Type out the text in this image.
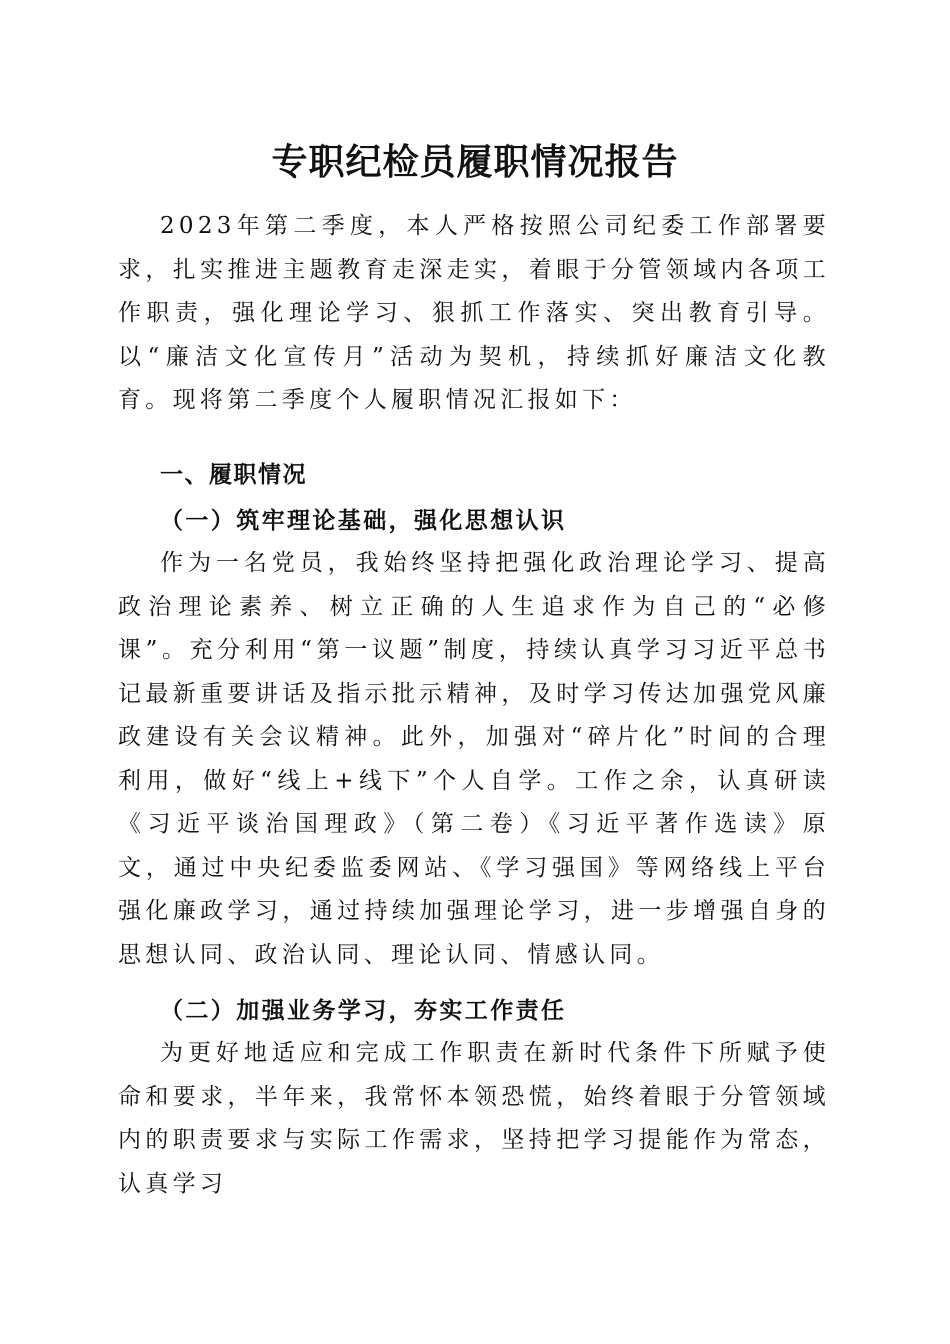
专职纪检员履职情况报告

2023年第二季度，本人严格按照公司纪委工作部署要求，扎实推进主题教育走深走实，着眼于分管领域内各项工作职责，强化理论学习、狠抓工作落实、突出教育引导。以“廉洁文化宣传月”活动为契机，持续抓好廉洁文化教育。现将第二季度个人履职情况汇报如下：

一、履职情况
（一）筑牢理论基础，强化思想认识

作为一名党员，我始终坚持把强化政治理论学习、提高政治理论素养、树立正确的人生追求作为自己的“必修课”。充分利用“第一议题”制度，持续认真学习习近平总书记最新重要讲话及指示批示精神，及时学习传达加强党风廉政建设有关会议精神。此外，加强对“碎片化”时间的合理利用，做好“线上+线下”个人自学。工作之余，认真研读《习近平谈治国理政》（第二卷）《习近平著作选读》原文，通过中央纪委监委网站、《学习强国》等网络线上平台强化廉政学习，通过持续加强理论学习，进一步增强自身的思想认同、政治认同、理论认同、情感认同。

（二）加强业务学习，夯实工作责任

为更好地适应和完成工作职责在新时代条件下所赋予使命和要求，半年来，我常怀本领恐慌，始终着眼于分管领域内的职责要求与实际工作需求，坚持把学习提能作为常态，认真学习
